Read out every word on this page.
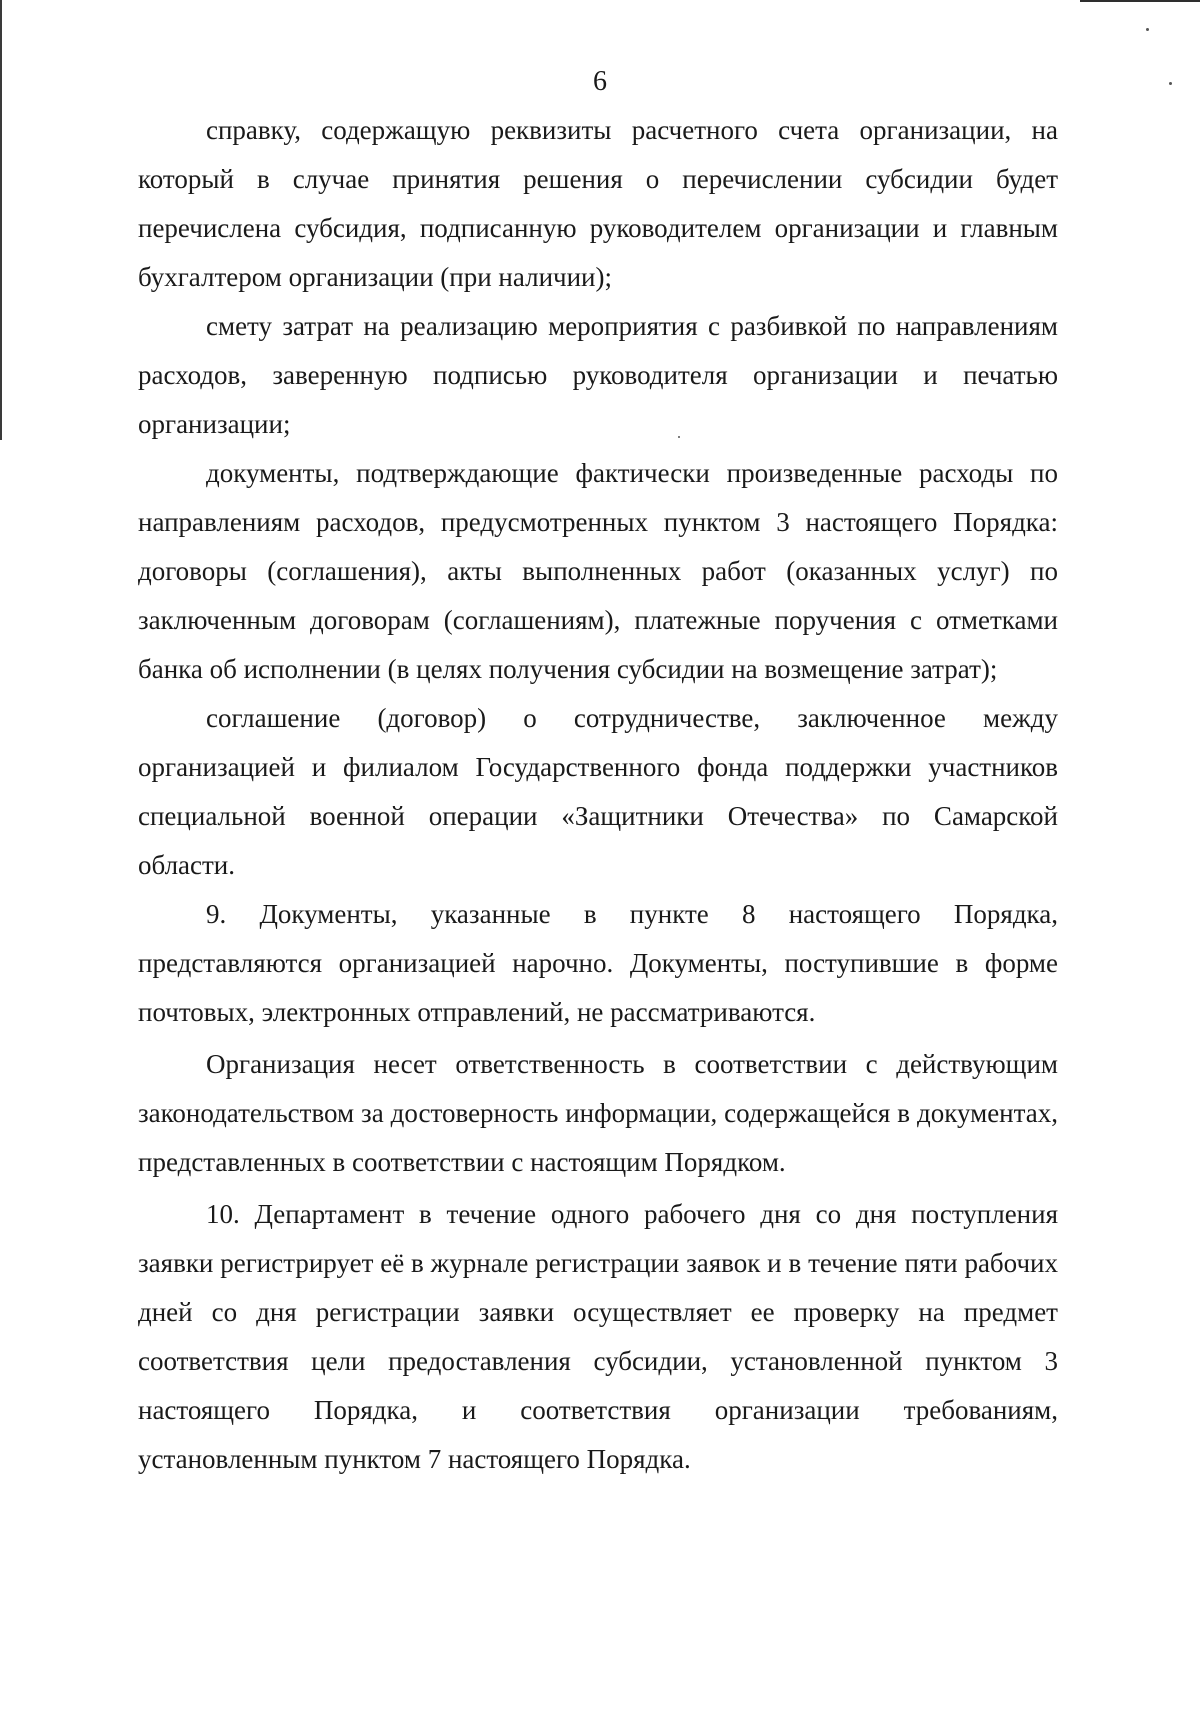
6

справку, содержащую реквизиты расчетного счета организации, на который в случае принятия решения о перечислении субсидии будет перечислена субсидия, подписанную руководителем организации и главным бухгалтером организации (при наличии);

смету затрат на реализацию мероприятия с разбивкой по направлениям расходов, заверенную подписью руководителя организации и печатью организации;

документы, подтверждающие фактически произведенные расходы по направлениям расходов, предусмотренных пунктом 3 настоящего Порядка: договоры (соглашения), акты выполненных работ (оказанных услуг) по заключенным договорам (соглашениям), платежные поручения с отметками банка об исполнении (в целях получения субсидии на возмещение затрат);

соглашение (договор) о сотрудничестве, заключенное между организацией и филиалом Государственного фонда поддержки участников специальной военной операции «Защитники Отечества» по Самарской области.

9. Документы, указанные в пункте 8 настоящего Порядка, представляются организацией нарочно. Документы, поступившие в форме почтовых, электронных отправлений, не рассматриваются.

Организация несет ответственность в соответствии с действующим законодательством за достоверность информации, содержащейся в документах, представленных в соответствии с настоящим Порядком.

10. Департамент в течение одного рабочего дня со дня поступления заявки регистрирует её в журнале регистрации заявок и в течение пяти рабочих дней со дня регистрации заявки осуществляет ее проверку на предмет соответствия цели предоставления субсидии, установленной пунктом 3 настоящего Порядка, и соответствия организации требованиям, установленным пунктом 7 настоящего Порядка.
